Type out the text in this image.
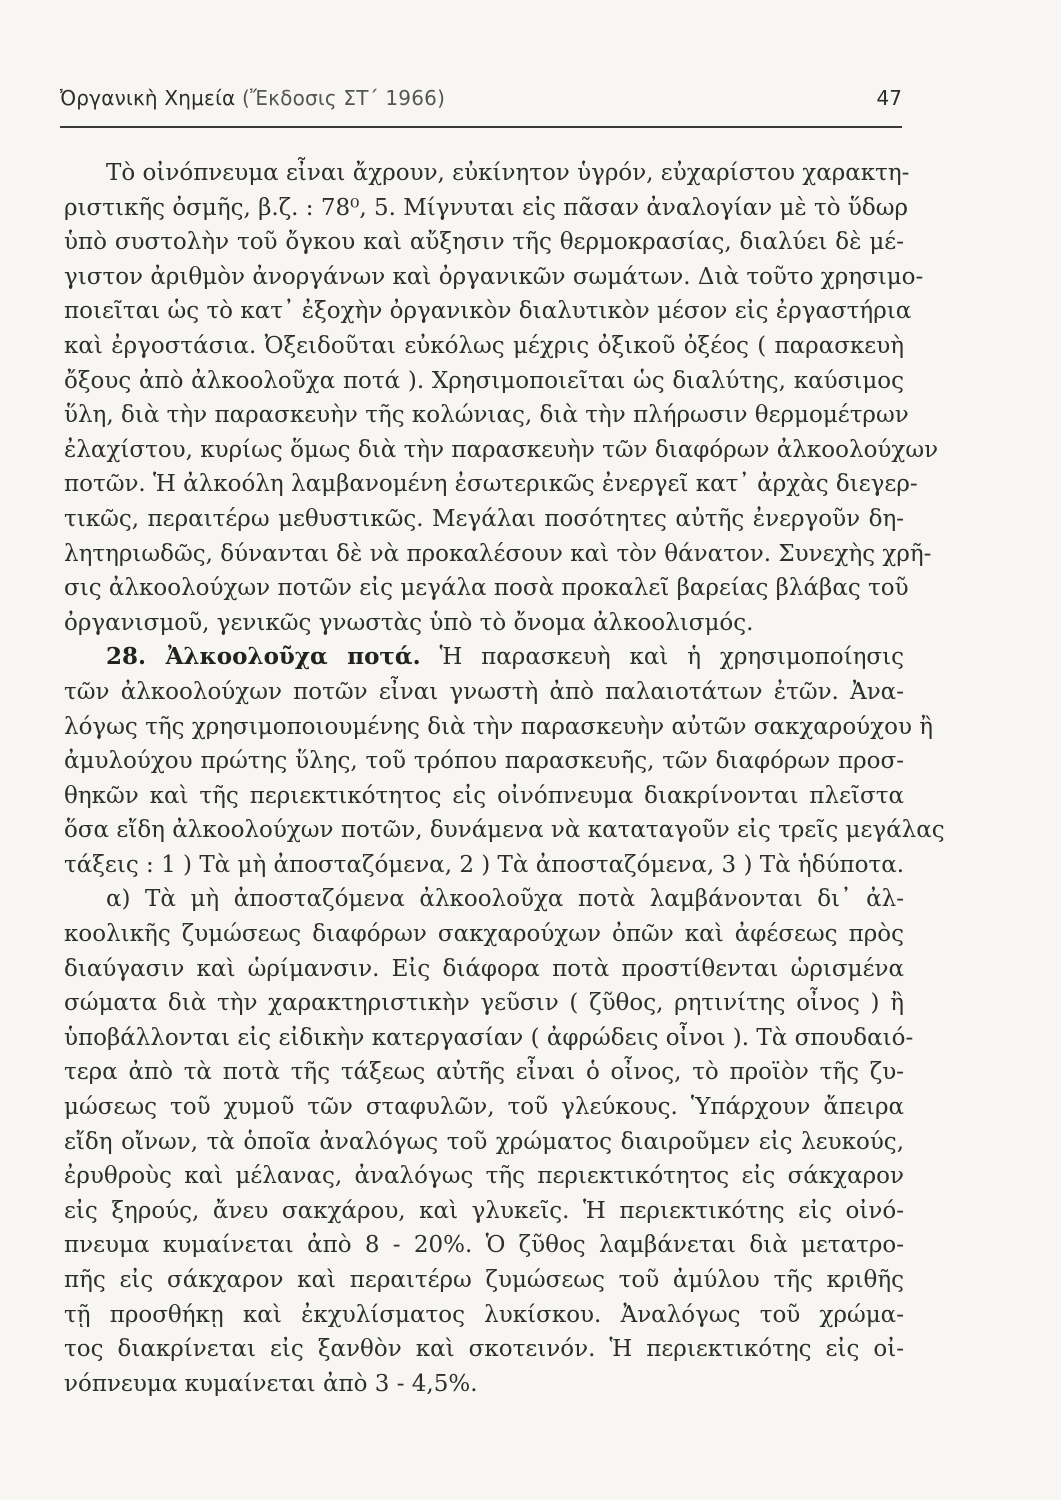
Ὀργανικὴ Χημεία (Ἔκδοσις ΣΤ΄ 1966)	47
Τὸ οἰνόπνευμα εἶναι ἄχρουν, εὐκίνητον ὑγρόν, εὐχαρίστου χαρακτη-
ριστικῆς ὀσμῆς, β.ζ. : 78⁰, 5. Μίγνυται εἰς πᾶσαν ἀναλογίαν μὲ τὸ ὕδωρ
ὑπὸ συστολὴν τοῦ ὄγκου καὶ αὔξησιν τῆς θερμοκρασίας, διαλύει δὲ μέ-
γιστον ἀριθμὸν ἀνοργάνων καὶ ὀργανικῶν σωμάτων. Διὰ τοῦτο χρησιμο-
ποιεῖται ὡς τὸ κατ᾽ ἐξοχὴν ὀργανικὸν διαλυτικὸν μέσον εἰς ἐργαστήρια
καὶ ἐργοστάσια. Ὀξειδοῦται εὐκόλως μέχρις ὀξικοῦ ὀξέος ( παρασκευὴ
ὄξους ἀπὸ ἀλκοολοῦχα ποτά ). Χρησιμοποιεῖται ὡς διαλύτης, καύσιμος
ὕλη, διὰ τὴν παρασκευὴν τῆς κολώνιας, διὰ τὴν πλήρωσιν θερμομέτρων
ἐλαχίστου, κυρίως ὅμως διὰ τὴν παρασκευὴν τῶν διαφόρων ἀλκοολούχων
ποτῶν. Ἡ ἀλκοόλη λαμβανομένη ἐσωτερικῶς ἐνεργεῖ κατ᾽ ἀρχὰς διεγερ-
τικῶς, περαιτέρω μεθυστικῶς. Μεγάλαι ποσότητες αὐτῆς ἐνεργοῦν δη-
λητηριωδῶς, δύνανται δὲ νὰ προκαλέσουν καὶ τὸν θάνατον. Συνεχὴς χρῆ-
σις ἀλκοολούχων ποτῶν εἰς μεγάλα ποσὰ προκαλεῖ βαρείας βλάβας τοῦ
ὀργανισμοῦ, γενικῶς γνωστὰς ὑπὸ τὸ ὄνομα ἀλκοολισμός.
28. Ἀλκοολοῦχα ποτά. Ἡ παρασκευὴ καὶ ἡ χρησιμοποίησις
τῶν ἀλκοολούχων ποτῶν εἶναι γνωστὴ ἀπὸ παλαιοτάτων ἐτῶν. Ἀνα-
λόγως τῆς χρησιμοποιουμένης διὰ τὴν παρασκευὴν αὐτῶν σακχαρούχου ἢ
ἀμυλούχου πρώτης ὕλης, τοῦ τρόπου παρασκευῆς, τῶν διαφόρων προσ-
θηκῶν καὶ τῆς περιεκτικότητος εἰς οἰνόπνευμα διακρίνονται πλεῖστα
ὅσα εἴδη ἀλκοολούχων ποτῶν, δυνάμενα νὰ καταταγοῦν εἰς τρεῖς μεγάλας
τάξεις : 1 ) Τὰ μὴ ἀποσταζόμενα, 2 ) Τὰ ἀποσταζόμενα, 3 ) Τὰ ἡδύποτα.
α) Τὰ μὴ ἀποσταζόμενα ἀλκοολοῦχα ποτὰ λαμβάνονται δι᾽ ἀλ-
κοολικῆς ζυμώσεως διαφόρων σακχαρούχων ὀπῶν καὶ ἀφέσεως πρὸς
διαύγασιν καὶ ὡρίμανσιν. Εἰς διάφορα ποτὰ προστίθενται ὡρισμένα
σώματα διὰ τὴν χαρακτηριστικὴν γεῦσιν ( ζῦθος, ρητινίτης οἶνος ) ἢ
ὑποβάλλονται εἰς εἰδικὴν κατεργασίαν ( ἀφρώδεις οἶνοι ). Τὰ σπουδαιό-
τερα ἀπὸ τὰ ποτὰ τῆς τάξεως αὐτῆς εἶναι ὁ οἶνος, τὸ προϊὸν τῆς ζυ-
μώσεως τοῦ χυμοῦ τῶν σταφυλῶν, τοῦ γλεύκους. Ὑπάρχουν ἄπειρα
εἴδη οἴνων, τὰ ὁποῖα ἀναλόγως τοῦ χρώματος διαιροῦμεν εἰς λευκούς,
ἐρυθροὺς καὶ μέλανας, ἀναλόγως τῆς περιεκτικότητος εἰς σάκχαρον
εἰς ξηρούς, ἄνευ σακχάρου, καὶ γλυκεῖς. Ἡ περιεκτικότης εἰς οἰνό-
πνευμα κυμαίνεται ἀπὸ 8 - 20%. Ὁ ζῦθος λαμβάνεται διὰ μετατρο-
πῆς εἰς σάκχαρον καὶ περαιτέρω ζυμώσεως τοῦ ἀμύλου τῆς κριθῆς
τῇ προσθήκῃ καὶ ἐκχυλίσματος λυκίσκου. Ἀναλόγως τοῦ χρώμα-
τος διακρίνεται εἰς ξανθὸν καὶ σκοτεινόν. Ἡ περιεκτικότης εἰς οἰ-
νόπνευμα κυμαίνεται ἀπὸ 3 - 4,5%.
